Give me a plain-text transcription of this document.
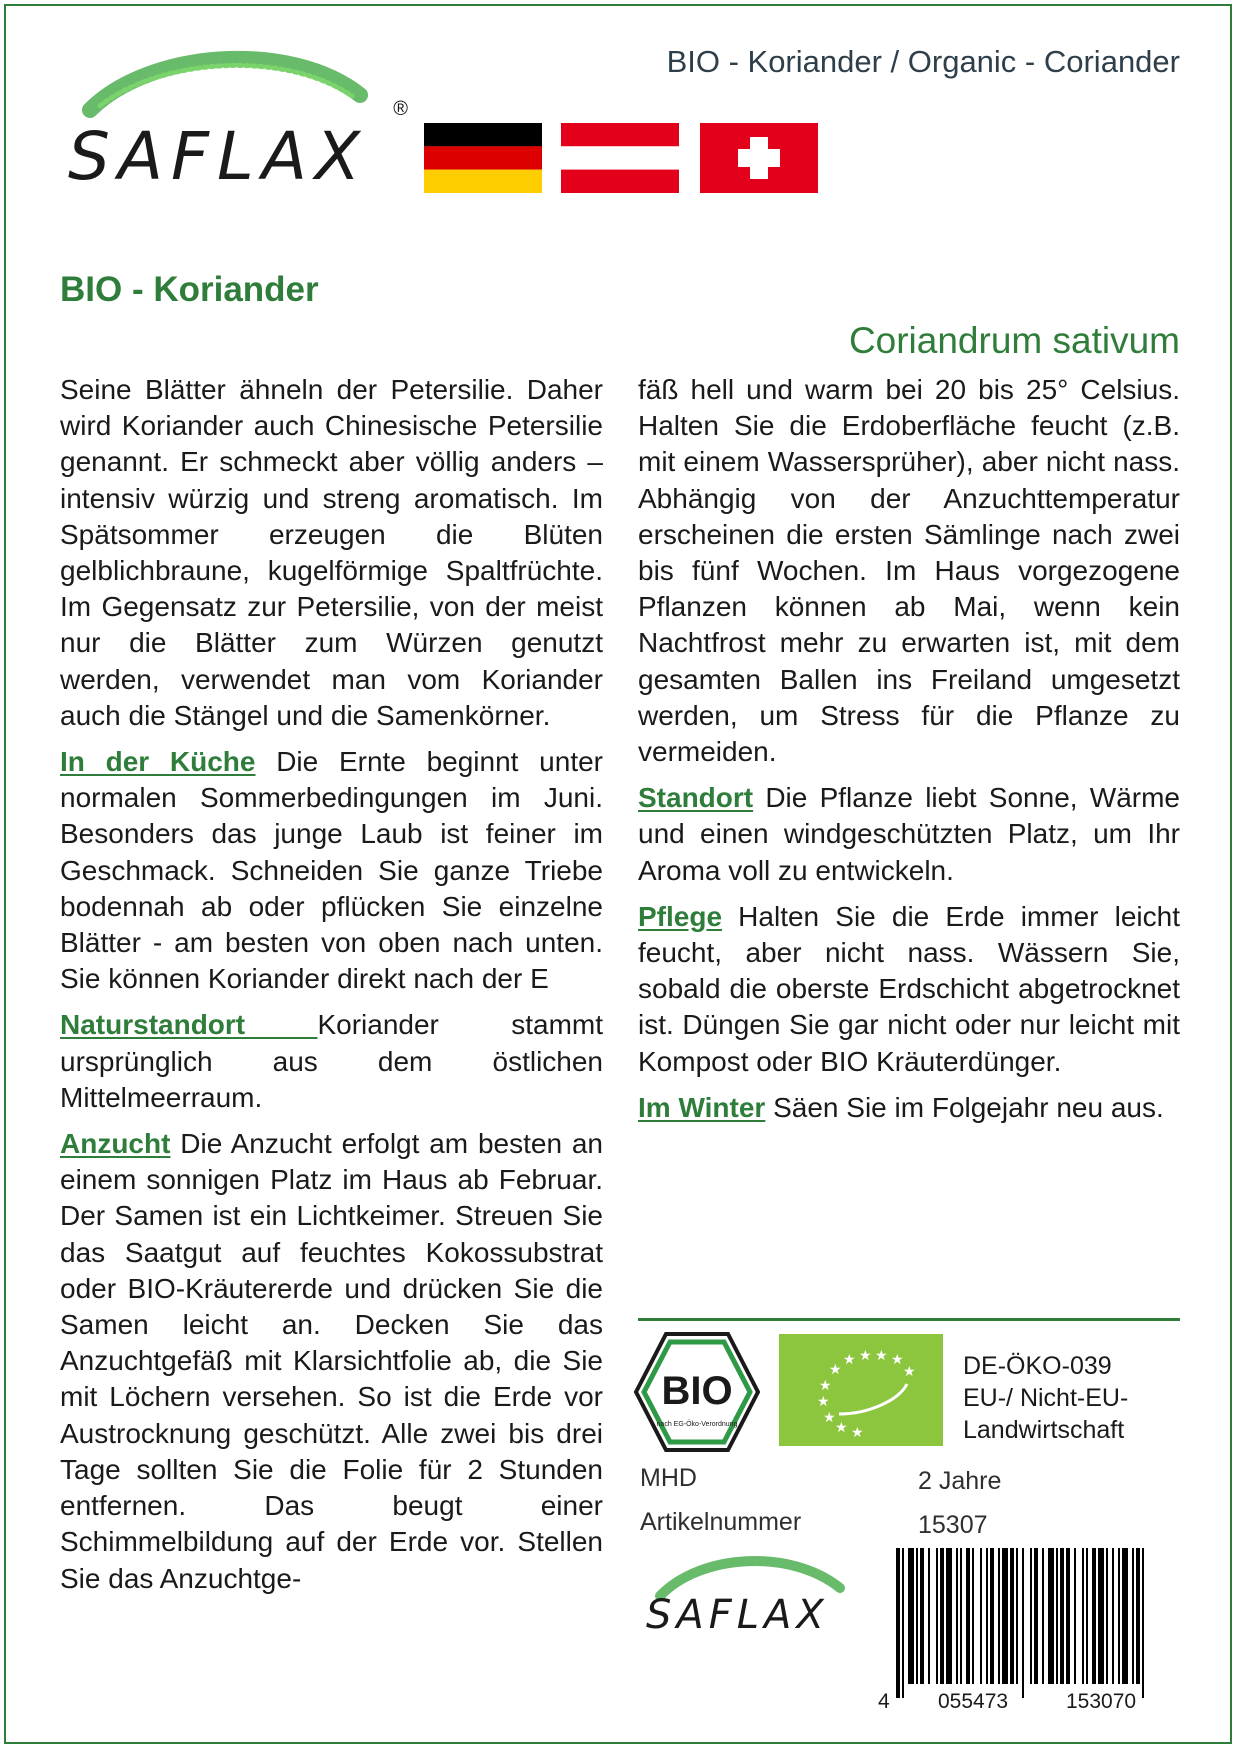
BIO - Koriander / Organic - Coriander
SAFLAX
®
BIO - Koriander
Coriandrum sativum

Seine Blätter ähneln der Petersilie. Daher wird Koriander auch Chinesische Petersilie genannt. Er schmeckt aber völlig anders – intensiv würzig und streng aromatisch. Im Spätsommer erzeugen die Blüten gelblichbraune, kugelförmige Spaltfrüchte. Im Gegensatz zur Petersilie, von der meist nur die Blätter zum Würzen genutzt werden, verwendet man vom Koriander auch die Stängel und die Samenkörner.

In der Küche Die Ernte beginnt unter normalen Sommerbedingungen im Juni. Besonders das junge Laub ist feiner im Geschmack. Schneiden Sie ganze Triebe bodennah ab oder pflücken Sie einzelne Blätter - am besten von oben nach unten. Sie können Koriander direkt nach der E

Naturstandort Koriander stammt ursprünglich aus dem östlichen Mittelmeerraum.

Anzucht Die Anzucht erfolgt am besten an einem sonnigen Platz im Haus ab Februar. Der Samen ist ein Lichtkeimer. Streuen Sie das Saatgut auf feuchtes Kokossubstrat oder BIO-Kräutererde und drücken Sie die Samen leicht an. Decken Sie das Anzuchtgefäß mit Klarsichtfolie ab, die Sie mit Löchern versehen. So ist die Erde vor Austrocknung geschützt. Alle zwei bis drei Tage sollten Sie die Folie für 2 Stunden entfernen. Das beugt einer Schimmelbildung auf der Erde vor. Stellen Sie das Anzuchtge-

fäß hell und warm bei 20 bis 25° Celsius. Halten Sie die Erdoberfläche feucht (z.B. mit einem Wassersprüher), aber nicht nass. Abhängig von der Anzuchttemperatur erscheinen die ersten Sämlinge nach zwei bis fünf Wochen. Im Haus vorgezogene Pflanzen können ab Mai, wenn kein Nachtfrost mehr zu erwarten ist, mit dem gesamten Ballen ins Freiland umgesetzt werden, um Stress für die Pflanze zu vermeiden.

Standort Die Pflanze liebt Sonne, Wärme und einen windgeschützten Platz, um Ihr Aroma voll zu entwickeln.

Pflege Halten Sie die Erde immer leicht feucht, aber nicht nass. Wässern Sie, sobald die oberste Erdschicht abgetrocknet ist. Düngen Sie gar nicht oder nur leicht mit Kompost oder BIO Kräuterdünger.

Im Winter Säen Sie im Folgejahr neu aus.

BIO
nach EG-Öko-Verordnung
★ ★ ★ ★
★
★
★
★
★
★ ★
DE-ÖKO-039
EU-/ Nicht-EU-
Landwirtschaft
MHD	2 Jahre
Artikelnummer	15307
SAFLAX
4 055473	153070
